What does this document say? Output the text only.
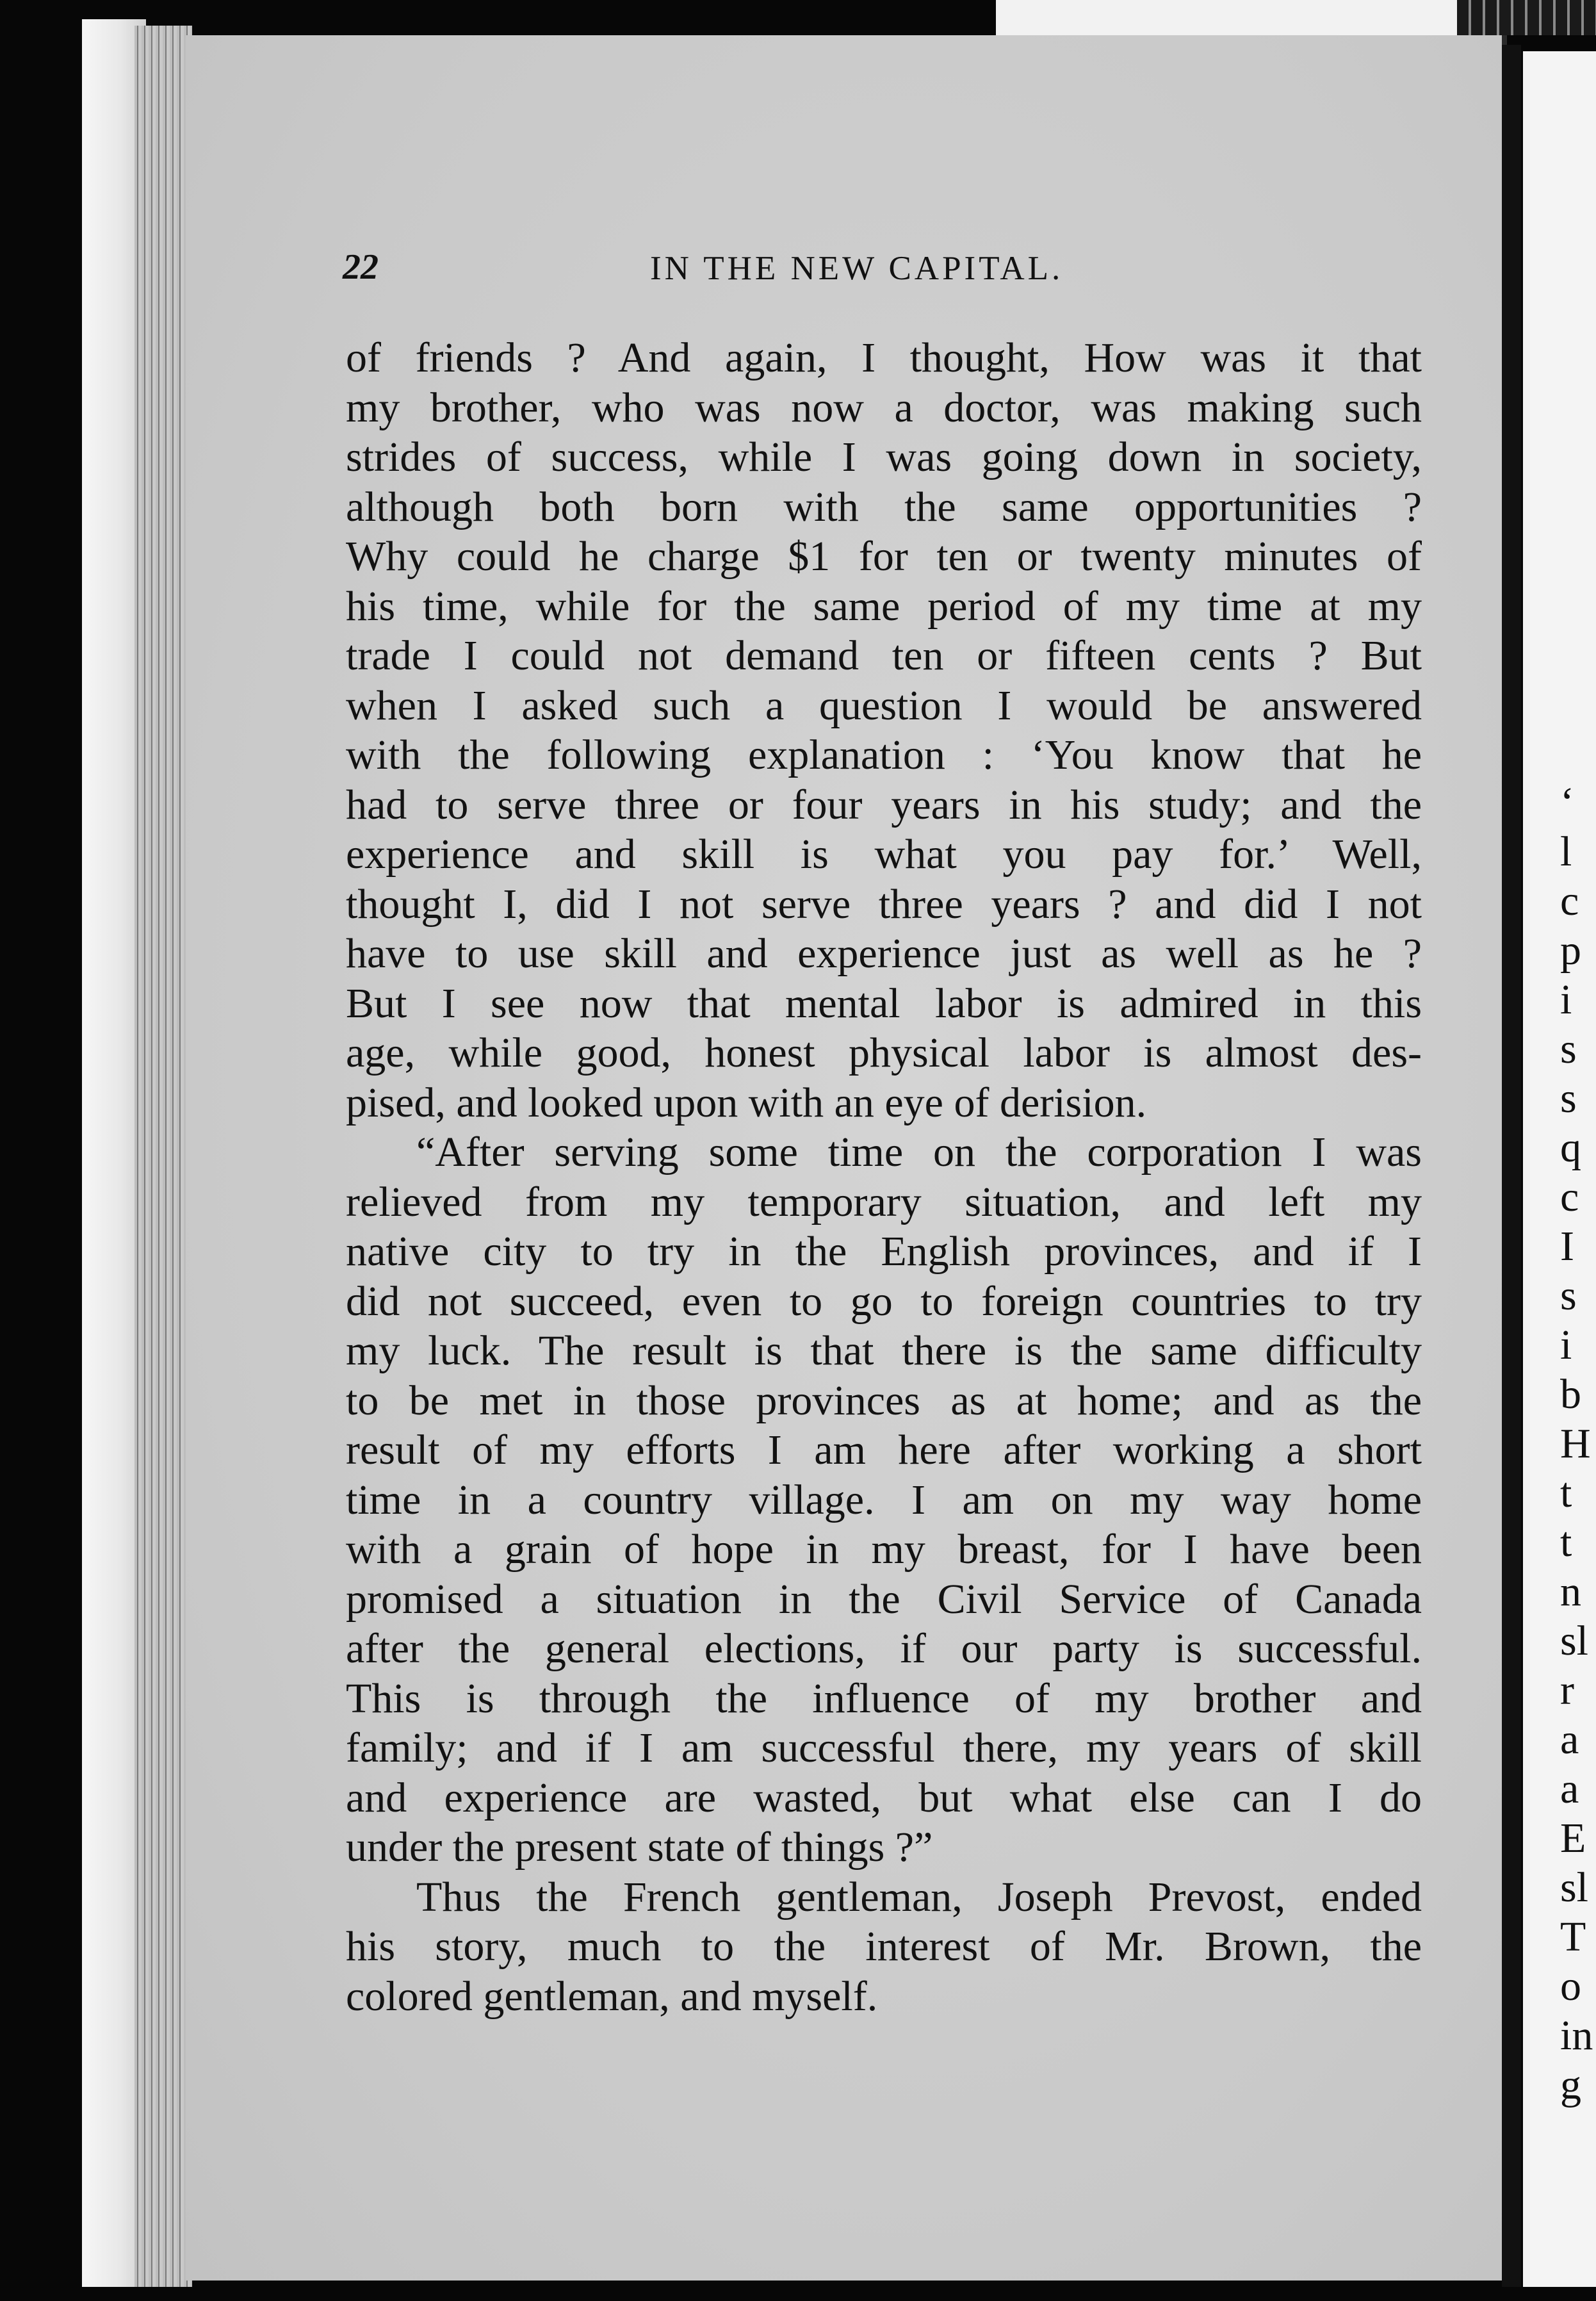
‘
l
c
p
i
s
s
q
c
I
s
i
b
H
t
t
n
sl
r
a
a
E
sl
T
o
in
g
22	IN THE NEW CAPITAL.
of friends ? And again, I thought, How was it that
my brother, who was now a doctor, was making such
strides of success, while I was going down in society,
although both born with the same opportunities ?
Why could he charge $1 for ten or twenty minutes of
his time, while for the same period of my time at my
trade I could not demand ten or fifteen cents ? But
when I asked such a question I would be answered
with the following explanation : ‘You know that he
had to serve three or four years in his study; and the
experience and skill is what you pay for.’ Well,
thought I, did I not serve three years ? and did I not
have to use skill and experience just as well as he ?
But I see now that mental labor is admired in this
age, while good, honest physical labor is almost des-
pised, and looked upon with an eye of derision.
“After serving some time on the corporation I was
relieved from my temporary situation, and left my
native city to try in the English provinces, and if I
did not succeed, even to go to foreign countries to try
my luck. The result is that there is the same difficulty
to be met in those provinces as at home; and as the
result of my efforts I am here after working a short
time in a country village. I am on my way home
with a grain of hope in my breast, for I have been
promised a situation in the Civil Service of Canada
after the general elections, if our party is successful.
This is through the influence of my brother and
family; and if I am successful there, my years of skill
and experience are wasted, but what else can I do
under the present state of things ?”
Thus the French gentleman, Joseph Prevost, ended
his story, much to the interest of Mr. Brown, the
colored gentleman, and myself.
